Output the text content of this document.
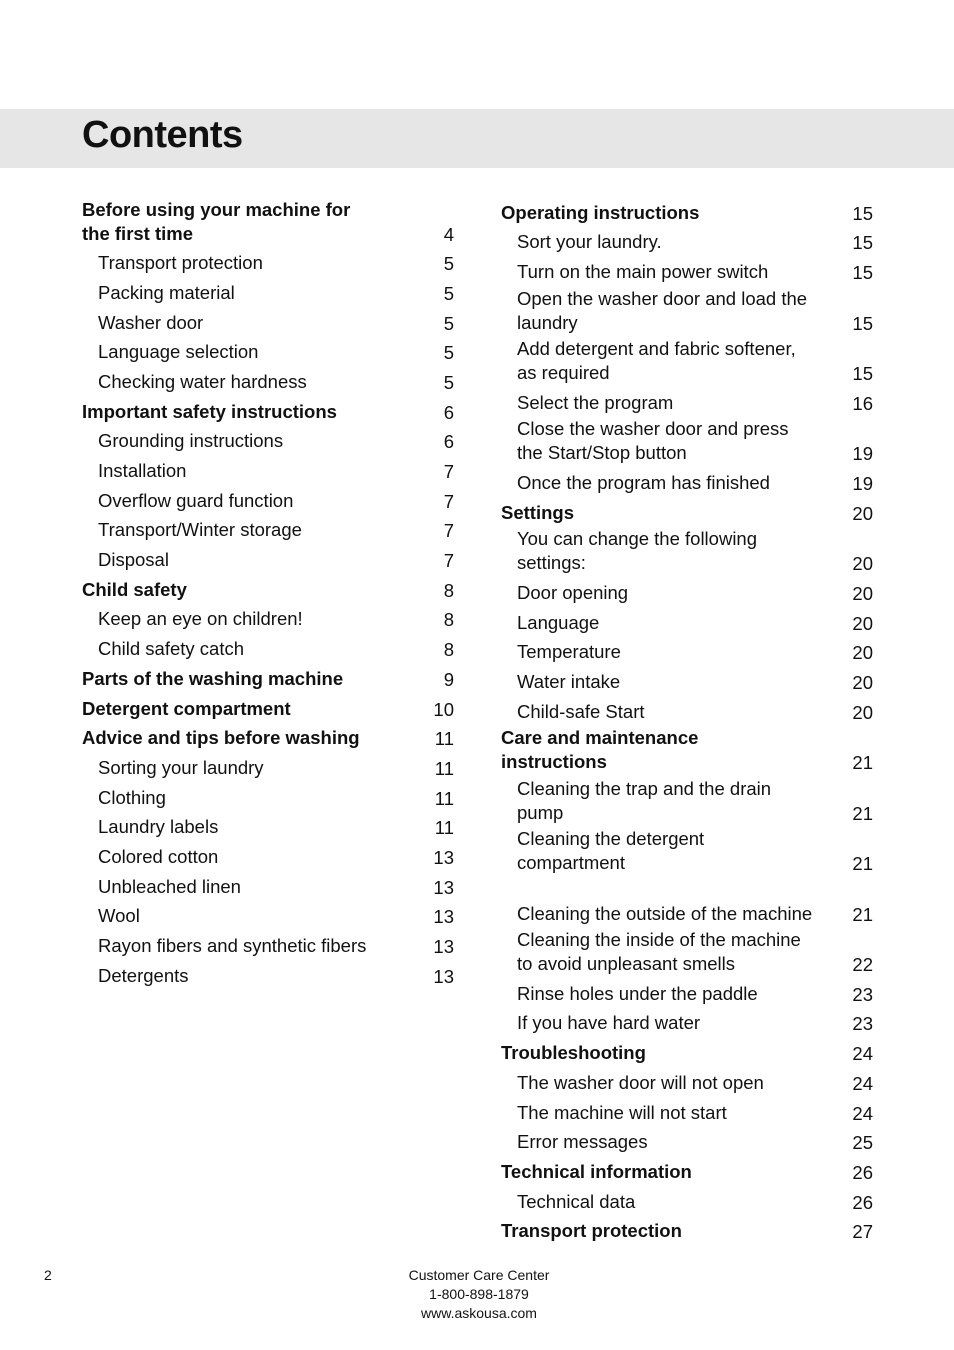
Contents
Before using your machine for the first time	4
Transport protection	5
Packing material	5
Washer door	5
Language selection	5
Checking water hardness	5
Important safety instructions	6
Grounding instructions	6
Installation	7
Overflow guard function	7
Transport/Winter storage	7
Disposal	7
Child safety	8
Keep an eye on children!	8
Child safety catch	8
Parts of the washing machine	9
Detergent compartment	10
Advice and tips before washing	11
Sorting your laundry	11
Clothing	11
Laundry labels	11
Colored cotton	13
Unbleached linen	13
Wool	13
Rayon fibers and synthetic fibers	13
Detergents	13
Operating instructions	15
Sort your laundry.	15
Turn on the main power switch	15
Open the washer door and load the laundry	15
Add detergent and fabric softener, as required	15
Select the program	16
Close the washer door and press the Start/Stop button	19
Once the program has finished	19
Settings	20
You can change the following settings:	20
Door opening	20
Language	20
Temperature	20
Water intake	20
Child-safe Start	20
Care and maintenance instructions	21
Cleaning the trap and the drain pump	21
Cleaning the detergent compartment	21
Cleaning the outside of the machine	21
Cleaning the inside of the machine to avoid unpleasant smells	22
Rinse holes under the paddle	23
If you have hard water	23
Troubleshooting	24
The washer door will not open	24
The machine will not start	24
Error messages	25
Technical information	26
Technical data	26
Transport protection	27
2	Customer Care Center
1-800-898-1879
www.askousa.com
